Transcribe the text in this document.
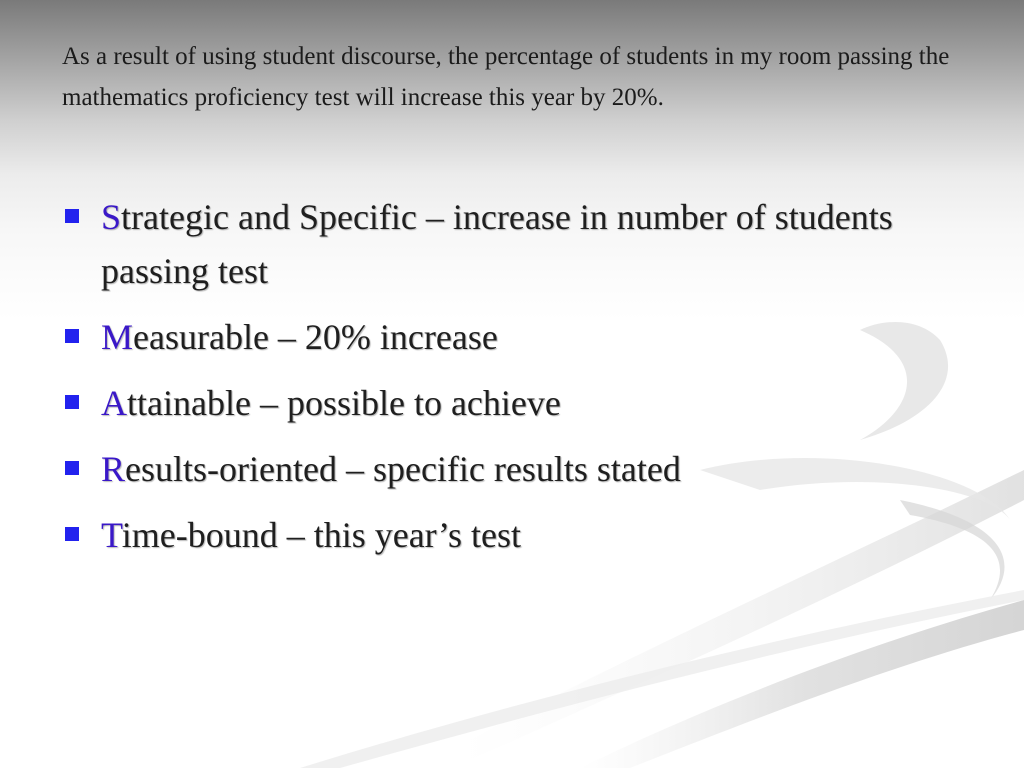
As a result of using student discourse, the percentage of students in my room passing the mathematics proficiency test will increase this year by 20%.

Strategic and Specific – increase in number of students passing test
Measurable – 20% increase
Attainable – possible to achieve
Results-oriented – specific results stated
Time-bound – this year’s test
